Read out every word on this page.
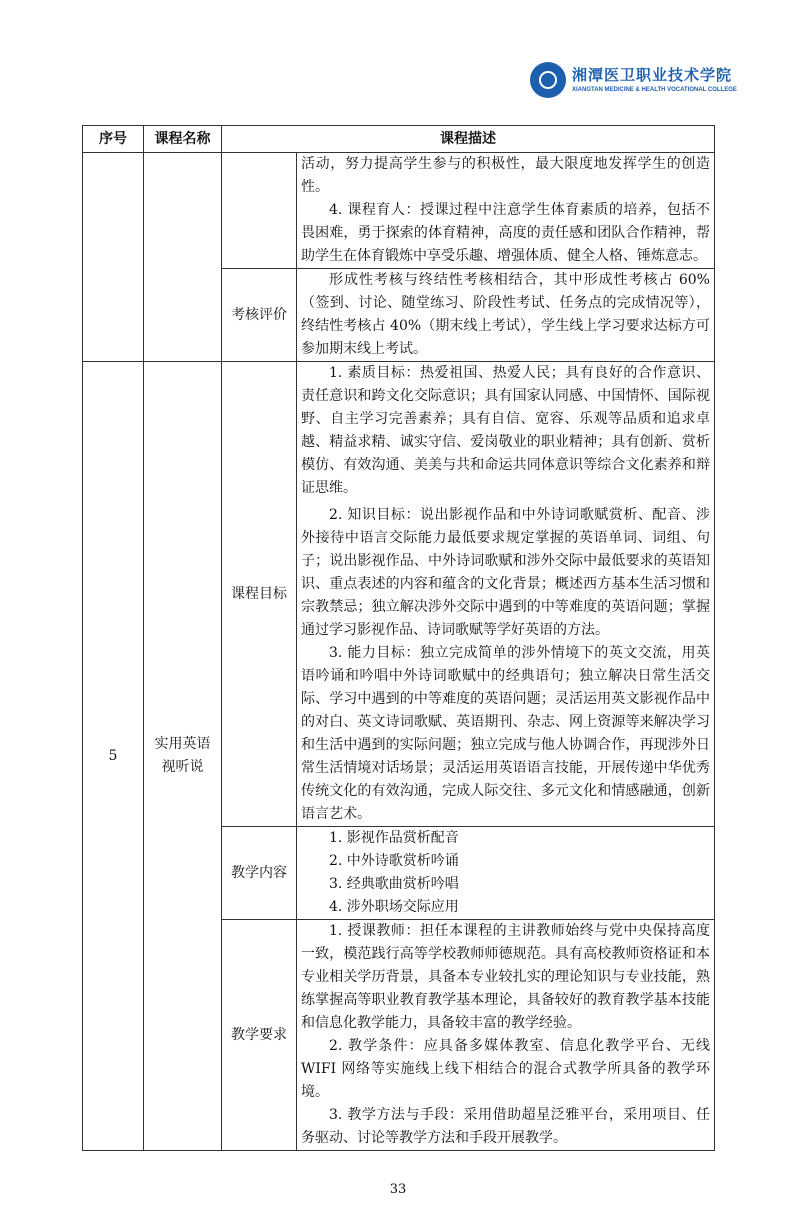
湘潭医卫职业技术学院
XIANGTAN MEDICINE & HEALTH VOCATIONAL COLLEGE
序号	课程名称	课程描述	

			活动，努力提高学生参与的积极性，最大限度地发挥学生的创造性。

4. 课程育人：授课过程中注意学生体育素质的培养，包括不畏困难，勇于探索的体育精神，高度的责任感和团队合作精神，帮助学生在体育锻炼中享受乐趣、增强体质、健全人格、锤炼意志。

		考核评价	形成性考核与终结性考核相结合，其中形成性考核占 60%（签到、讨论、随堂练习、阶段性考试、任务点的完成情况等），终结性考核占 40%（期末线上考试），学生线上学习要求达标方可参加期末线上考试。

5	实用英语视听说	课程目标	1. 素质目标：热爱祖国、热爱人民；具有良好的合作意识、责任意识和跨文化交际意识；具有国家认同感、中国情怀、国际视野、自主学习完善素养；具有自信、宽容、乐观等品质和追求卓越、精益求精、诚实守信、爱岗敬业的职业精神；具有创新、赏析模仿、有效沟通、美美与共和命运共同体意识等综合文化素养和辩证思维。

2. 知识目标：说出影视作品和中外诗词歌赋赏析、配音、涉外接待中语言交际能力最低要求规定掌握的英语单词、词组、句子；说出影视作品、中外诗词歌赋和涉外交际中最低要求的英语知识、重点表述的内容和蕴含的文化背景；概述西方基本生活习惯和宗教禁忌；独立解决涉外交际中遇到的中等难度的英语问题；掌握通过学习影视作品、诗词歌赋等学好英语的方法。

3. 能力目标：独立完成简单的涉外情境下的英文交流，用英语吟诵和吟唱中外诗词歌赋中的经典语句；独立解决日常生活交际、学习中遇到的中等难度的英语问题；灵活运用英文影视作品中的对白、英文诗词歌赋、英语期刊、杂志、网上资源等来解决学习和生活中遇到的实际问题；独立完成与他人协调合作，再现涉外日常生活情境对话场景；灵活运用英语语言技能，开展传递中华优秀传统文化的有效沟通，完成人际交往、多元文化和情感融通，创新语言艺术。

		教学内容	1. 影视作品赏析配音

2. 中外诗歌赏析吟诵

3. 经典歌曲赏析吟唱

4. 涉外职场交际应用

		教学要求	1. 授课教师：担任本课程的主讲教师始终与党中央保持高度一致，模范践行高等学校教师师德规范。具有高校教师资格证和本专业相关学历背景，具备本专业较扎实的理论知识与专业技能，熟练掌握高等职业教育教学基本理论，具备较好的教育教学基本技能和信息化教学能力，具备较丰富的教学经验。

2. 教学条件：应具备多媒体教室、信息化教学平台、无线 WIFI 网络等实施线上线下相结合的混合式教学所具备的教学环境。

3. 教学方法与手段：采用借助超星泛雅平台，采用项目、任务驱动、讨论等教学方法和手段开展教学。

33
